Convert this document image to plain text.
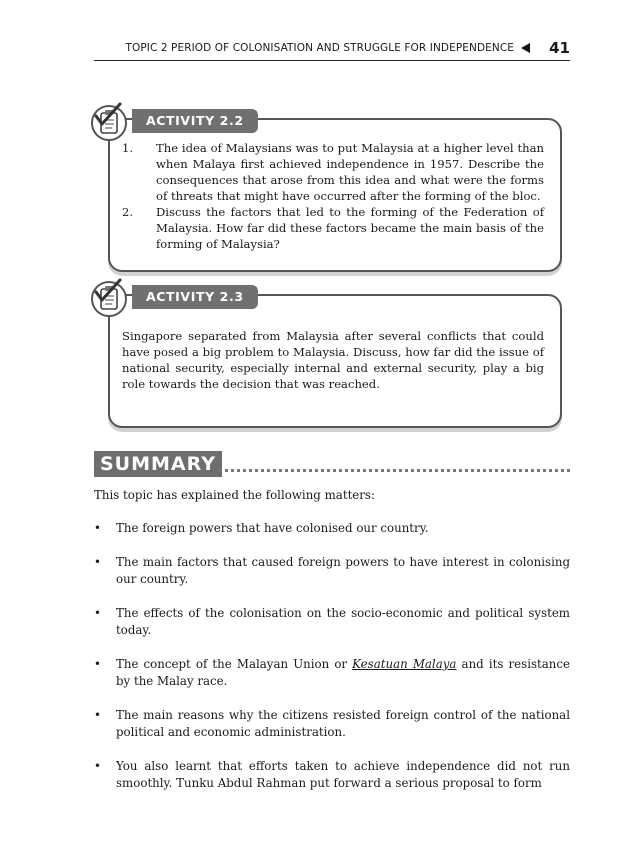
TOPIC 2 PERIOD OF COLONISATION AND STRUGGLE FOR INDEPENDENCE 41
ACTIVITY 2.2
1. The idea of Malaysians was to put Malaysia at a higher level than when Malaya first achieved independence in 1957. Describe the consequences that arose from this idea and what were the forms of threats that might have occurred after the forming of the bloc.
2. Discuss the factors that led to the forming of the Federation of Malaysia. How far did these factors became the main basis of the forming of Malaysia?
ACTIVITY 2.3
Singapore separated from Malaysia after several conflicts that could have posed a big problem to Malaysia. Discuss, how far did the issue of national security, especially internal and external security, play a big role towards the decision that was reached.
SUMMARY
This topic has explained the following matters:
• The foreign powers that have colonised our country.
• The main factors that caused foreign powers to have interest in colonising our country.
• The effects of the colonisation on the socio-economic and political system today.
• The concept of the Malayan Union or Kesatuan Malaya and its resistance by the Malay race.
• The main reasons why the citizens resisted foreign control of the national political and economic administration.
• You also learnt that efforts taken to achieve independence did not run smoothly. Tunku Abdul Rahman put forward a serious proposal to form
